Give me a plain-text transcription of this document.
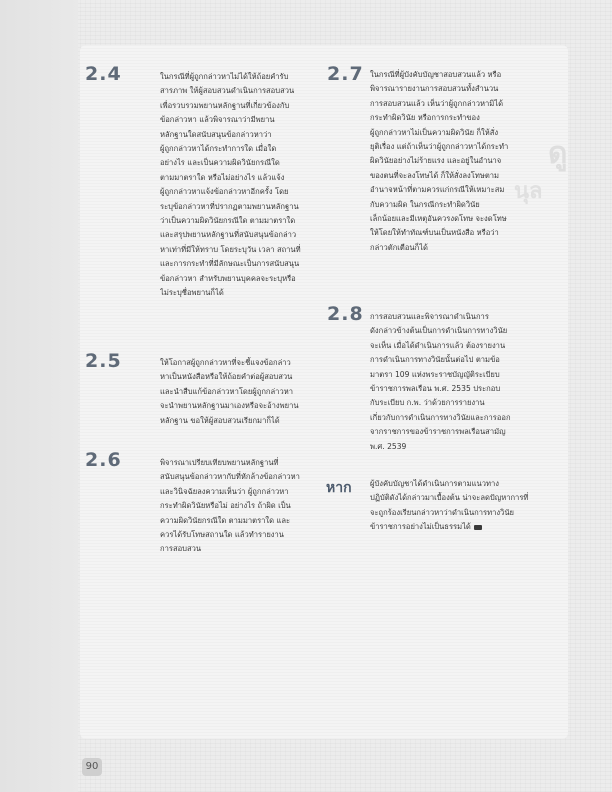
ดู
นุล
2.4	ในกรณีที่ผู้ถูกกล่าวหาไม่ได้ให้ถ้อยคำรับ
สารภาพ ให้ผู้สอบสวนดำเนินการสอบสวน
เพื่อรวบรวมพยานหลักฐานที่เกี่ยวข้องกับ
ข้อกล่าวหา แล้วพิจารณาว่ามีพยาน
หลักฐานใดสนับสนุนข้อกล่าวหาว่า
ผู้ถูกกล่าวหาได้กระทำการใด เมื่อใด
อย่างไร และเป็นความผิดวินัยกรณีใด
ตามมาตราใด หรือไม่อย่างไร แล้วแจ้ง
ผู้ถูกกล่าวหาแจ้งข้อกล่าวหาอีกครั้ง โดย
ระบุข้อกล่าวหาที่ปรากฏตามพยานหลักฐาน
ว่าเป็นความผิดวินัยกรณีใด ตามมาตราใด
และสรุปพยานหลักฐานที่สนับสนุนข้อกล่าว
หาเท่าที่มีให้ทราบ โดยระบุวัน เวลา สถานที่
และการกระทำที่มีลักษณะเป็นการสนับสนุน
ข้อกล่าวหา สำหรับพยานบุคคลจะระบุหรือ
ไม่ระบุชื่อพยานก็ได้
2.5	ให้โอกาสผู้ถูกกล่าวหาที่จะชี้แจงข้อกล่าว
หาเป็นหนังสือหรือให้ถ้อยคำต่อผู้สอบสวน
และนำสืบแก้ข้อกล่าวหาโดยผู้ถูกกล่าวหา
จะนำพยานหลักฐานมาเองหรือจะอ้างพยาน
หลักฐาน ขอให้ผู้สอบสวนเรียกมาก็ได้
2.6	พิจารณาเปรียบเทียบพยานหลักฐานที่
สนับสนุนข้อกล่าวหากับที่หักล้างข้อกล่าวหา
และวินิจฉัยลงความเห็นว่า ผู้ถูกกล่าวหา
กระทำผิดวินัยหรือไม่ อย่างไร ถ้าผิด เป็น
ความผิดวินัยกรณีใด ตามมาตราใด และ
ควรได้รับโทษสถานใด แล้วทำรายงาน
การสอบสวน
2.7 ในกรณีที่ผู้บังคับบัญชาสอบสวนแล้ว หรือ
พิจารณารายงานการสอบสวนทั้งสำนวน
การสอบสวนแล้ว เห็นว่าผู้ถูกกล่าวหามิได้
กระทำผิดวินัย หรือการกระทำของ
ผู้ถูกกล่าวหาไม่เป็นความผิดวินัย ก็ให้สั่ง
ยุติเรื่อง แต่ถ้าเห็นว่าผู้ถูกกล่าวหาได้กระทำ
ผิดวินัยอย่างไม่ร้ายแรง และอยู่ในอำนาจ
ของตนที่จะลงโทษได้ ก็ให้สั่งลงโทษตาม
อำนาจหน้าที่ตามควรแก่กรณีให้เหมาะสม
กับความผิด ในกรณีกระทำผิดวินัย
เล็กน้อยและมีเหตุอันควรงดโทษ จะงดโทษ
ให้โดยให้ทำทัณฑ์บนเป็นหนังสือ หรือว่า
กล่าวตักเตือนก็ได้
2.8 การสอบสวนและพิจารณาดำเนินการ
ดังกล่าวข้างต้นเป็นการดำเนินการทางวินัย
จะเห็น เมื่อได้ดำเนินการแล้ว ต้องรายงาน
การดำเนินการทางวินัยนั้นต่อไป ตามข้อ
มาตรา 109 แห่งพระราชบัญญัติระเบียบ
ข้าราชการพลเรือน พ.ศ. 2535 ประกอบ
กับระเบียบ ก.พ. ว่าด้วยการรายงาน
เกี่ยวกับการดำเนินการทางวินัยและการออก
จากราชการของข้าราชการพลเรือนสามัญ
พ.ศ. 2539
หาก ผู้บังคับบัญชาได้ดำเนินการตามแนวทาง
ปฏิบัติดังได้กล่าวมาเบื้องต้น น่าจะลดปัญหาการที่
จะถูกร้องเรียนกล่าวหาว่าดำเนินการทางวินัย
ข้าราชการอย่างไม่เป็นธรรมได้
90
